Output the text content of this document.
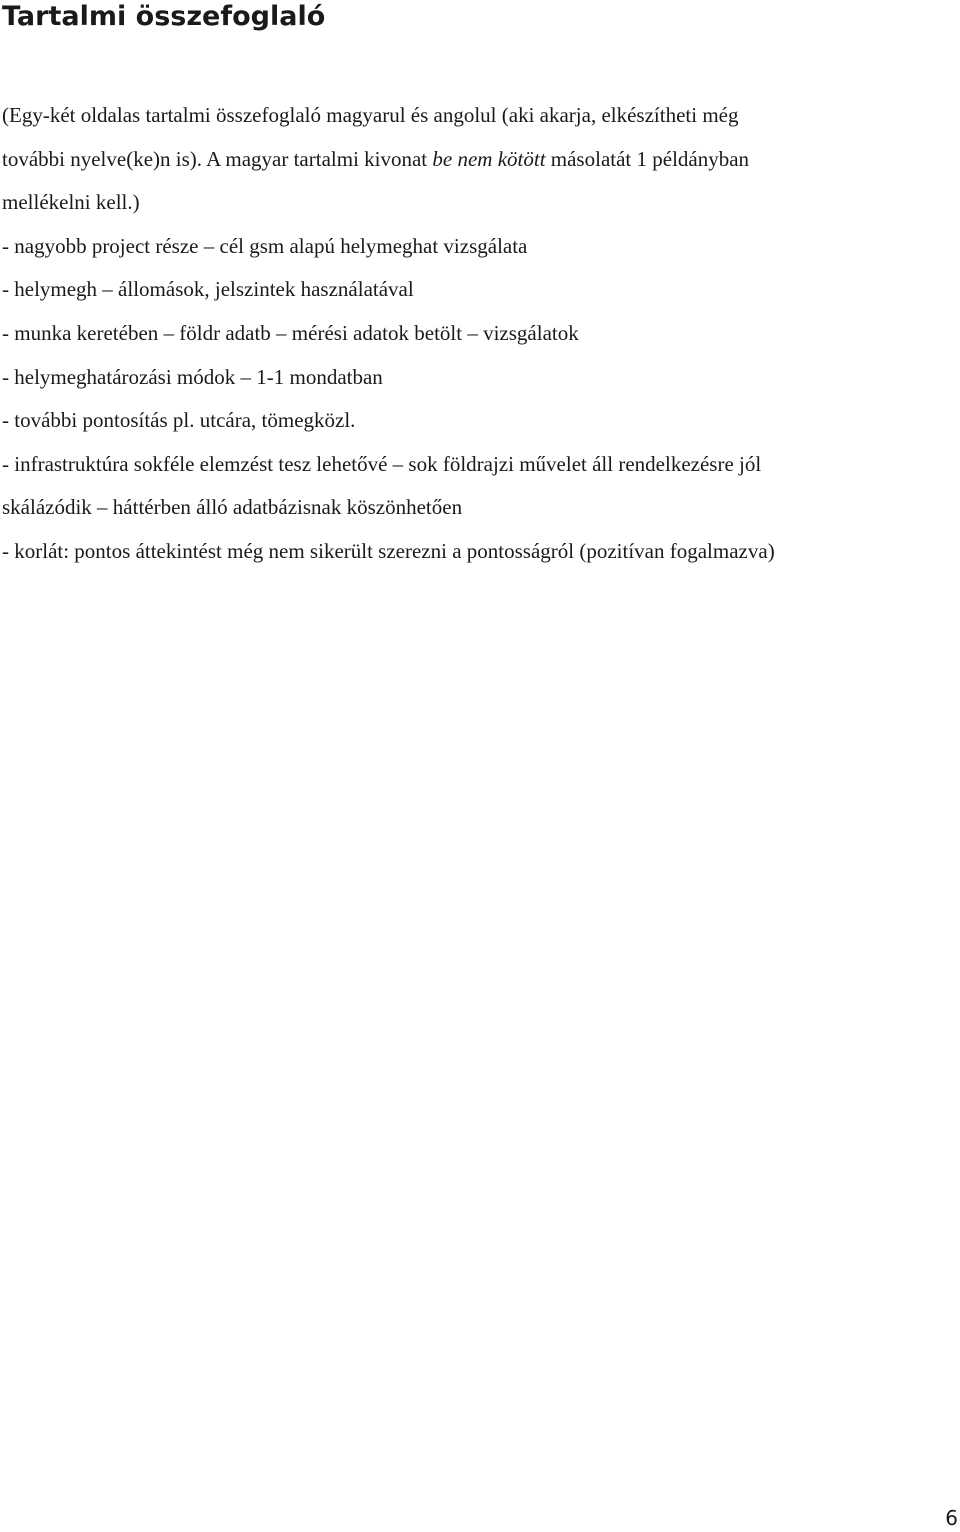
Tartalmi összefoglaló

(Egy-két oldalas tartalmi összefoglaló magyarul és angolul (aki akarja, elkészítheti még
további nyelve(ke)n is). A magyar tartalmi kivonat be nem kötött másolatát 1 példányban
mellékelni kell.)

- nagyobb project része – cél gsm alapú helymeghat vizsgálata
- helymegh – állomások, jelszintek használatával
- munka keretében – földr adatb – mérési adatok betölt – vizsgálatok
- helymeghatározási módok – 1-1 mondatban
- további pontosítás pl. utcára, tömegközl.

- infrastruktúra sokféle elemzést tesz lehetővé – sok földrajzi művelet áll rendelkezésre jól
skálázódik – háttérben álló adatbázisnak köszönhetően

- korlát: pontos áttekintést még nem sikerült szerezni a pontosságról (pozitívan fogalmazva)

6
